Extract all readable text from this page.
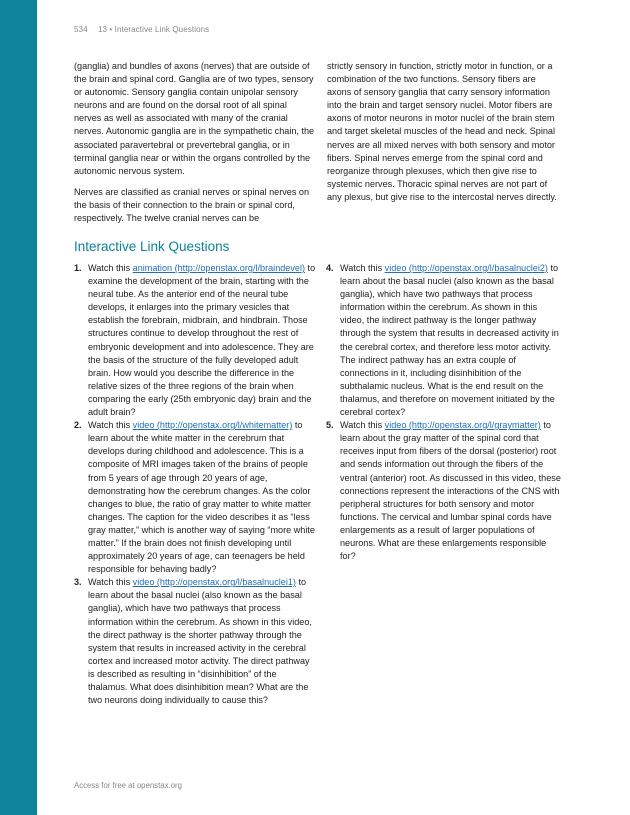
534 13 • Interactive Link Questions

(ganglia) and bundles of axons (nerves) that are outside of the brain and spinal cord. Ganglia are of two types, sensory or autonomic. Sensory ganglia contain unipolar sensory neurons and are found on the dorsal root of all spinal nerves as well as associated with many of the cranial nerves. Autonomic ganglia are in the sympathetic chain, the associated paravertebral or prevertebral ganglia, or in terminal ganglia near or within the organs controlled by the autonomic nervous system.

Nerves are classified as cranial nerves or spinal nerves on the basis of their connection to the brain or spinal cord, respectively. The twelve cranial nerves can be

strictly sensory in function, strictly motor in function, or a combination of the two functions. Sensory fibers are axons of sensory ganglia that carry sensory information into the brain and target sensory nuclei. Motor fibers are axons of motor neurons in motor nuclei of the brain stem and target skeletal muscles of the head and neck. Spinal nerves are all mixed nerves with both sensory and motor fibers. Spinal nerves emerge from the spinal cord and reorganize through plexuses, which then give rise to systemic nerves. Thoracic spinal nerves are not part of any plexus, but give rise to the intercostal nerves directly.

Interactive Link Questions
1. Watch this animation (http://openstax.org/l/braindevel) to examine the development of the brain, starting with the neural tube. As the anterior end of the neural tube develops, it enlarges into the primary vesicles that establish the forebrain, midbrain, and hindbrain. Those structures continue to develop throughout the rest of embryonic development and into adolescence. They are the basis of the structure of the fully developed adult brain. How would you describe the difference in the relative sizes of the three regions of the brain when comparing the early (25th embryonic day) brain and the adult brain?
2. Watch this video (http://openstax.org/l/whitematter) to learn about the white matter in the cerebrum that develops during childhood and adolescence. This is a composite of MRI images taken of the brains of people from 5 years of age through 20 years of age, demonstrating how the cerebrum changes. As the color changes to blue, the ratio of gray matter to white matter changes. The caption for the video describes it as “less gray matter,” which is another way of saying “more white matter.” If the brain does not finish developing until approximately 20 years of age, can teenagers be held responsible for behaving badly?
3. Watch this video (http://openstax.org/l/basalnuclei1) to learn about the basal nuclei (also known as the basal ganglia), which have two pathways that process information within the cerebrum. As shown in this video, the direct pathway is the shorter pathway through the system that results in increased activity in the cerebral cortex and increased motor activity. The direct pathway is described as resulting in “disinhibition” of the thalamus. What does disinhibition mean? What are the two neurons doing individually to cause this?
4. Watch this video (http://openstax.org/l/basalnuclei2) to learn about the basal nuclei (also known as the basal ganglia), which have two pathways that process information within the cerebrum. As shown in this video, the indirect pathway is the longer pathway through the system that results in decreased activity in the cerebral cortex, and therefore less motor activity. The indirect pathway has an extra couple of connections in it, including disinhibition of the subthalamic nucleus. What is the end result on the thalamus, and therefore on movement initiated by the cerebral cortex?
5. Watch this video (http://openstax.org/l/graymatter) to learn about the gray matter of the spinal cord that receives input from fibers of the dorsal (posterior) root and sends information out through the fibers of the ventral (anterior) root. As discussed in this video, these connections represent the interactions of the CNS with peripheral structures for both sensory and motor functions. The cervical and lumbar spinal cords have enlargements as a result of larger populations of neurons. What are these enlargements responsible for?
Access for free at openstax.org
